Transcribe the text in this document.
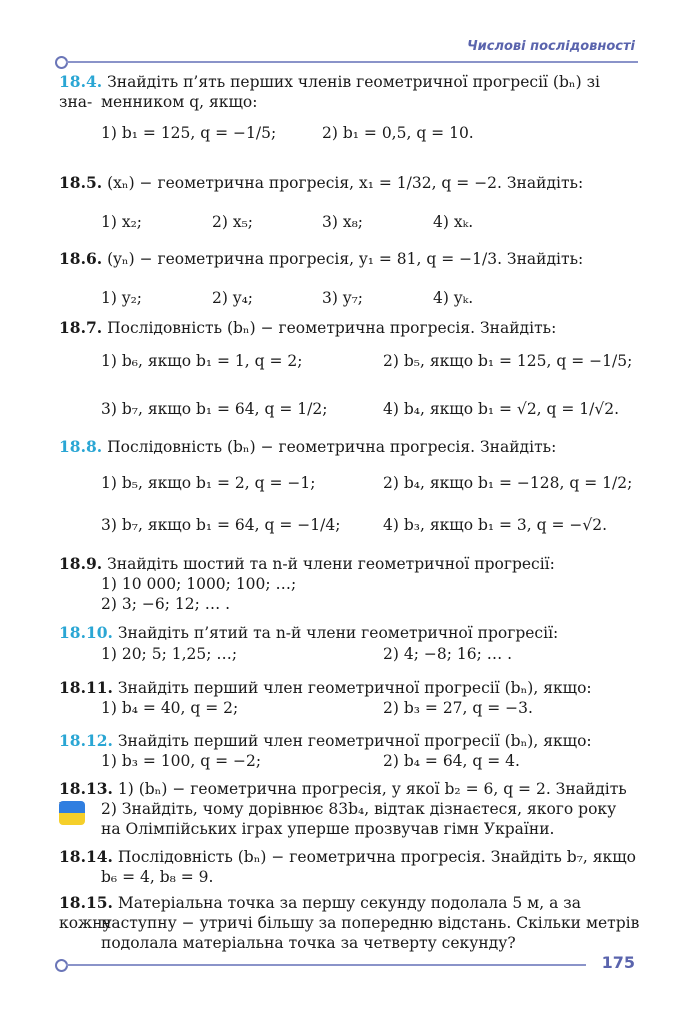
Числові послідовності
18.4. Знайдіть п’ять перших членів геометричної прогресії (bₙ) зі зна- менником q, якщо:
1) b₁ = 125, q = −1/5;	2) b₁ = 0,5, q = 10.
18.5. (xₙ) − геометрична прогресія, x₁ = 1/32, q = −2. Знайдіть:
1) x₂;	2) x₅;	3) x₈;	4) xₖ.
18.6. (yₙ) − геометрична прогресія, y₁ = 81, q = −1/3. Знайдіть:
1) y₂;	2) y₄;	3) y₇;	4) yₖ.
18.7. Послідовність (bₙ) − геометрична прогресія. Знайдіть:
1) b₆, якщо b₁ = 1, q = 2;	2) b₅, якщо b₁ = 125, q = −1/5;
3) b₇, якщо b₁ = 64, q = 1/2;	4) b₄, якщо b₁ = √2, q = 1/√2.
18.8. Послідовність (bₙ) − геометрична прогресія. Знайдіть:
1) b₅, якщо b₁ = 2, q = −1;	2) b₄, якщо b₁ = −128, q = 1/2;
3) b₇, якщо b₁ = 64, q = −1/4;	4) b₃, якщо b₁ = 3, q = −√2.
18.9. Знайдіть шостий та n-й члени геометричної прогресії:
1) 10 000; 1000; 100; …;
2) 3; −6; 12; … .
18.10. Знайдіть п’ятий та n-й члени геометричної прогресії:
1) 20; 5; 1,25; …;	2) 4; −8; 16; … .
18.11. Знайдіть перший член геометричної прогресії (bₙ), якщо:
1) b₄ = 40, q = 2;	2) b₃ = 27, q = −3.
18.12. Знайдіть перший член геометричної прогресії (bₙ), якщо:
1) b₃ = 100, q = −2;	2) b₄ = 64, q = 4.
18.13. 1) (bₙ) − геометрична прогресія, у якої b₂ = 6, q = 2. Знайдіть
2) Знайдіть, чому дорівнює 83b₄, відтак дізнаєтеся, якого року
на Олімпійських іграх уперше прозвучав гімн України.
18.14. Послідовність (bₙ) − геометрична прогресія. Знайдіть b₇, якщо
b₆ = 4, b₈ = 9.
18.15. Матеріальна точка за першу секунду подолала 5 м, а за кожну
наступну − утричі більшу за попередню відстань. Скільки метрів
подолала матеріальна точка за четверту секунду?
175
